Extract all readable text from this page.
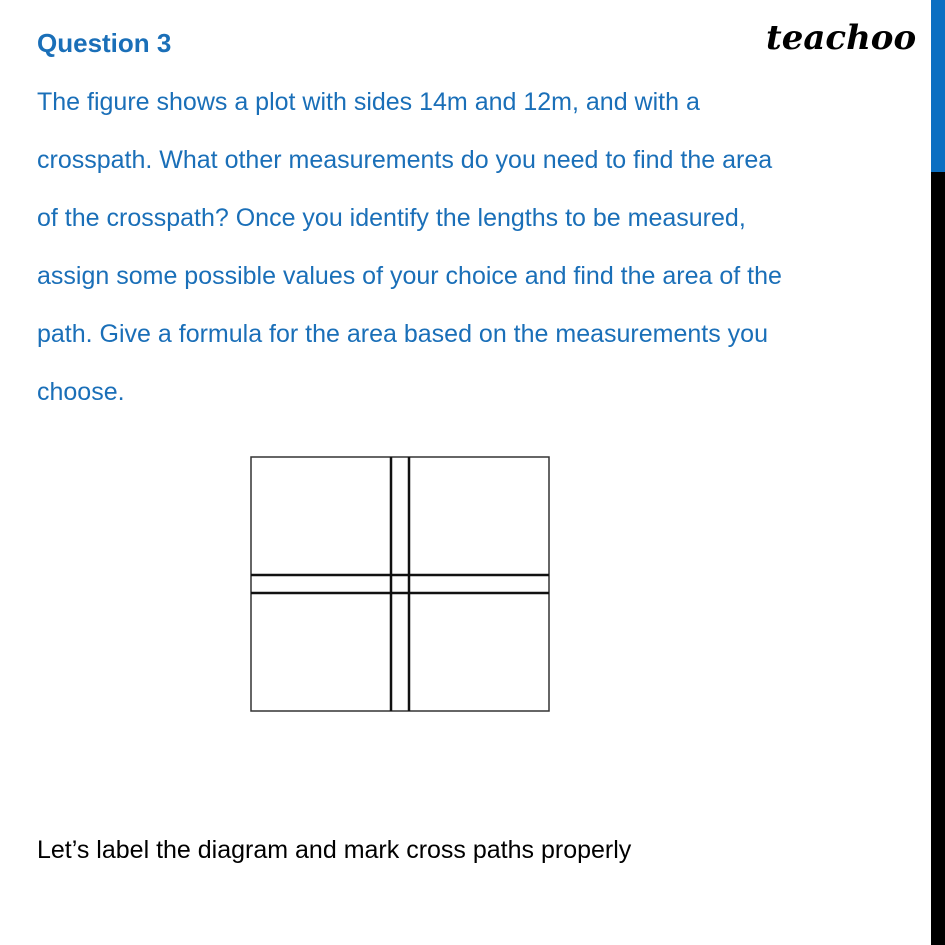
Question 3	teachoo
The figure shows a plot with sides 14m and 12m, and with a
crosspath. What other measurements do you need to find the area
of the crosspath? Once you identify the lengths to be measured,
assign some possible values of your choice and find the area of the
path. Give a formula for the area based on the measurements you
choose.
Let’s label the diagram and mark cross paths properly
